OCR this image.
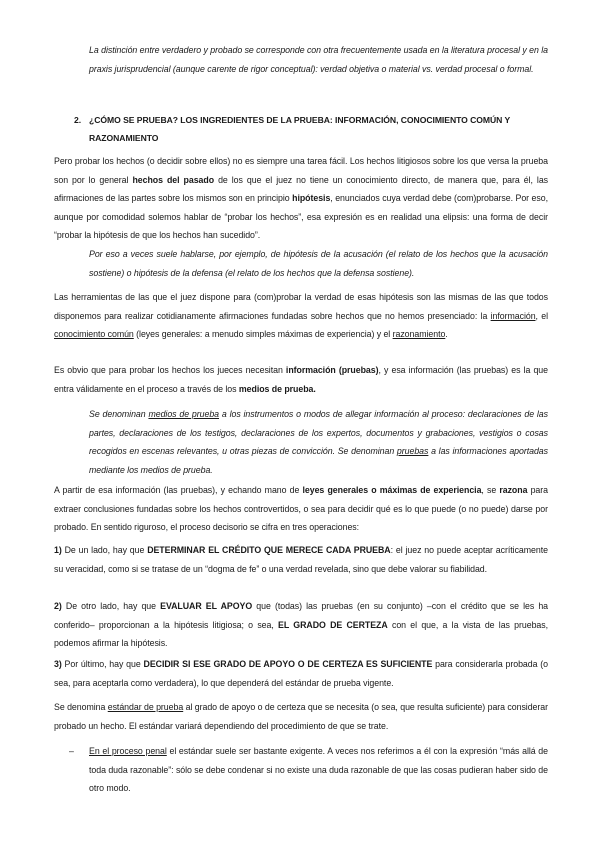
La distinción entre verdadero y probado se corresponde con otra frecuentemente usada en la literatura procesal y en la praxis jurisprudencial (aunque carente de rigor conceptual): verdad objetiva o material vs. verdad procesal o formal.

2. ¿CÓMO SE PRUEBA? LOS INGREDIENTES DE LA PRUEBA: INFORMACIÓN, CONOCIMIENTO COMÚN Y RAZONAMIENTO

Pero probar los hechos (o decidir sobre ellos) no es siempre una tarea fácil. Los hechos litigiosos sobre los que versa la prueba son por lo general hechos del pasado de los que el juez no tiene un conocimiento directo, de manera que, para él, las afirmaciones de las partes sobre los mismos son en principio hipótesis, enunciados cuya verdad debe (com)probarse. Por eso, aunque por comodidad solemos hablar de “probar los hechos”, esa expresión es en realidad una elipsis: una forma de decir “probar la hipótesis de que los hechos han sucedido”.

Por eso a veces suele hablarse, por ejemplo, de hipótesis de la acusación (el relato de los hechos que la acusación sostiene) o hipótesis de la defensa (el relato de los hechos que la defensa sostiene).

Las herramientas de las que el juez dispone para (com)probar la verdad de esas hipótesis son las mismas de las que todos disponemos para realizar cotidianamente afirmaciones fundadas sobre hechos que no hemos presenciado: la información, el conocimiento común (leyes generales: a menudo simples máximas de experiencia) y el razonamiento.

Es obvio que para probar los hechos los jueces necesitan información (pruebas), y esa información (las pruebas) es la que entra válidamente en el proceso a través de los medios de prueba.

Se denominan medios de prueba a los instrumentos o modos de allegar información al proceso: declaraciones de las partes, declaraciones de los testigos, declaraciones de los expertos, documentos y grabaciones, vestigios o cosas recogidos en escenas relevantes, u otras piezas de convicción. Se denominan pruebas a las informaciones aportadas mediante los medios de prueba.

A partir de esa información (las pruebas), y echando mano de leyes generales o máximas de experiencia, se razona para extraer conclusiones fundadas sobre los hechos controvertidos, o sea para decidir qué es lo que puede (o no puede) darse por probado. En sentido riguroso, el proceso decisorio se cifra en tres operaciones:

1) De un lado, hay que DETERMINAR EL CRÉDITO QUE MERECE CADA PRUEBA: el juez no puede aceptar acríticamente su veracidad, como si se tratase de un “dogma de fe” o una verdad revelada, sino que debe valorar su fiabilidad.

2) De otro lado, hay que EVALUAR EL APOYO que (todas) las pruebas (en su conjunto) –con el crédito que se les ha conferido– proporcionan a la hipótesis litigiosa; o sea, EL GRADO DE CERTEZA con el que, a la vista de las pruebas, podemos afirmar la hipótesis.

3) Por último, hay que DECIDIR SI ESE GRADO DE APOYO O DE CERTEZA ES SUFICIENTE para considerarla probada (o sea, para aceptarla como verdadera), lo que dependerá del estándar de prueba vigente.

Se denomina estándar de prueba al grado de apoyo o de certeza que se necesita (o sea, que resulta suficiente) para considerar probado un hecho. El estándar variará dependiendo del procedimiento de que se trate.

– En el proceso penal el estándar suele ser bastante exigente. A veces nos referimos a él con la expresión “más allá de toda duda razonable”: sólo se debe condenar si no existe una duda razonable de que las cosas pudieran haber sido de otro modo.
